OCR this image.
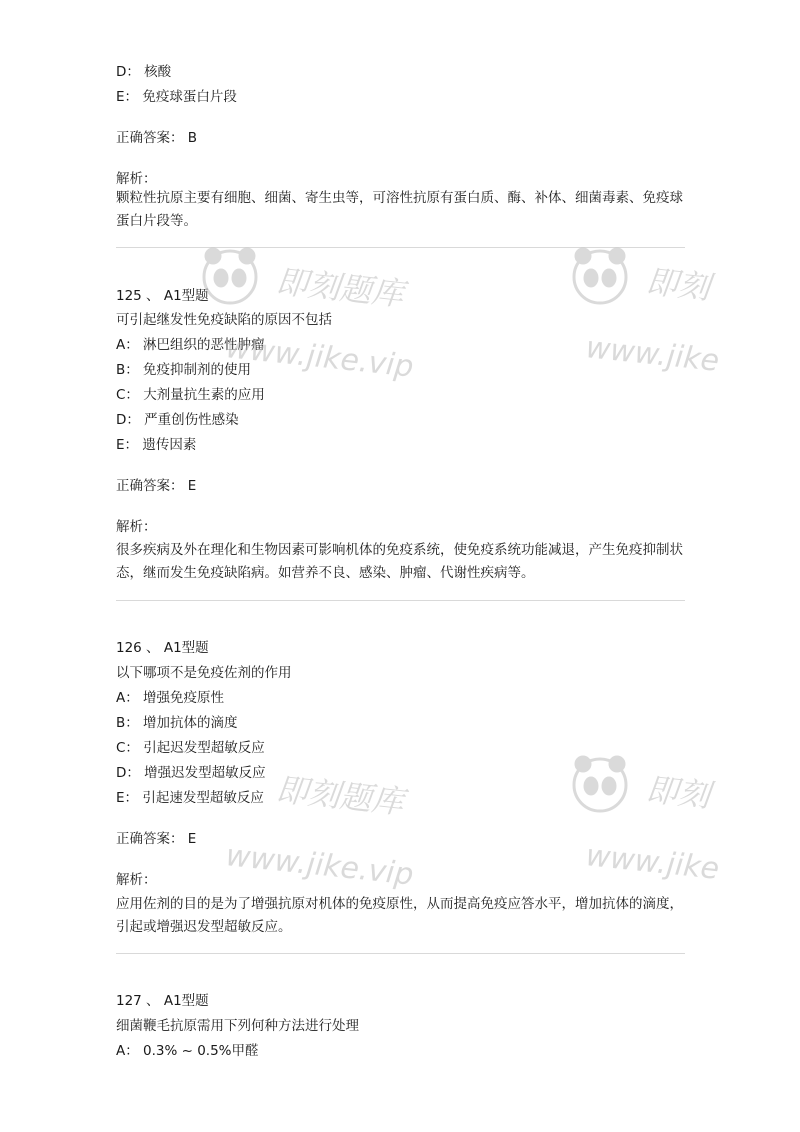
D： 核酸
E： 免疫球蛋白片段
正确答案： B
解析：
颗粒性抗原主要有细胞、细菌、寄生虫等，可溶性抗原有蛋白质、酶、补体、细菌毒素、免疫球蛋白片段等。
125 、 A1型题
可引起继发性免疫缺陷的原因不包括
A： 淋巴组织的恶性肿瘤
B： 免疫抑制剂的使用
C： 大剂量抗生素的应用
D： 严重创伤性感染
E： 遗传因素
正确答案： E
解析：
很多疾病及外在理化和生物因素可影响机体的免疫系统，使免疫系统功能减退，产生免疫抑制状态，继而发生免疫缺陷病。如营养不良、感染、肿瘤、代谢性疾病等。
126 、 A1型题
以下哪项不是免疫佐剂的作用
A： 增强免疫原性
B： 增加抗体的滴度
C： 引起迟发型超敏反应
D： 增强迟发型超敏反应
E： 引起速发型超敏反应
正确答案： E
解析：
应用佐剂的目的是为了增强抗原对机体的免疫原性，从而提高免疫应答水平，增加抗体的滴度，引起或增强迟发型超敏反应。
127 、 A1型题
细菌鞭毛抗原需用下列何种方法进行处理
A： 0.3% ~ 0.5%甲醛
即刻题库
www.jike.vip
即刻
www.jike
即刻题库
www.jike.vip
即刻
www.jike
